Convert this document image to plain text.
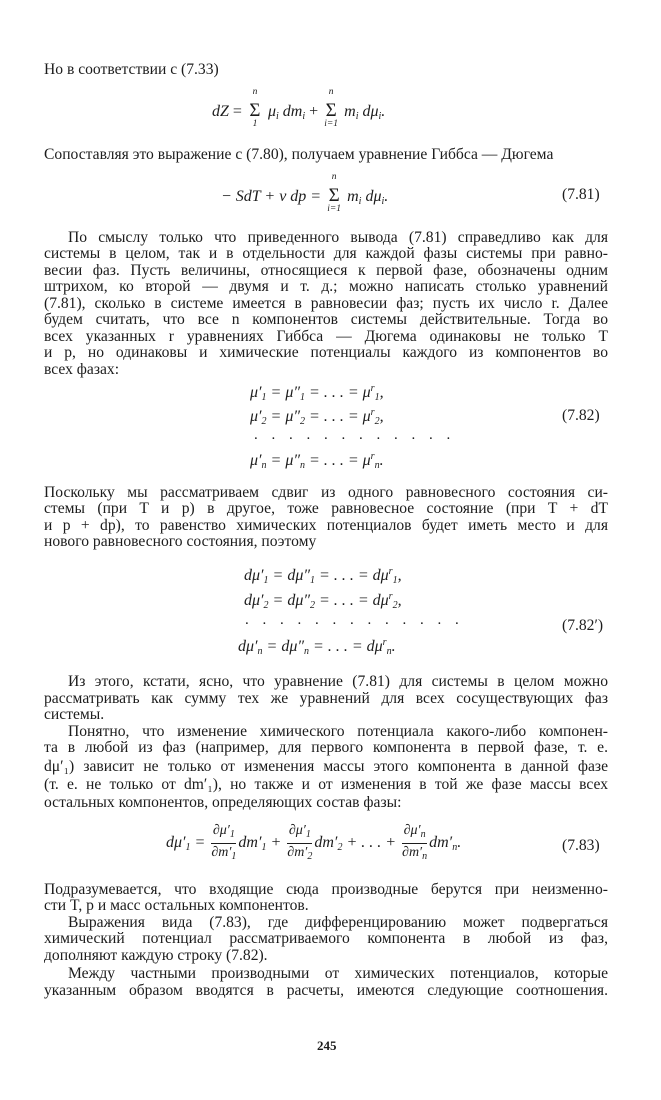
Но в соответствии с (7.33)
dZ =
n
Σ
1
$\mu_i$ $dm_i$ +
n
Σ
i=1
$m_i$ $d\mu_i$.
Сопоставляя это выражение с (7.80), получаем уравнение Гиббса — Дюгема
− SdT + v dp =
n
Σ
i=1
$m_i$ $d\mu_i$.	(7.81)
По смыслу только что приведенного вывода (7.81) справедливо как для
системы в целом, так и в отдельности для каждой фазы системы при равно-
весии фаз. Пусть величины, относящиеся к первой фазе, обозначены одним
штрихом, ко второй — двумя и т. д.; можно написать столько уравнений
(7.81), сколько в системе имеется в равновесии фаз; пусть их число r. Далее
будем считать, что все n компонентов системы действительные. Тогда во
всех указанных r уравнениях Гиббса — Дюгема одинаковы не только T
и p, но одинаковы и химические потенциалы каждого из компонентов во
всех фазах:
$\mu'_1 = \mu''_1$ = . . . = $\mu^r_1$,
$\mu'_2 = \mu''_2$ = . . . = $\mu^r_2$,
. . . . . . . . . . . .
$\mu'_n = \mu''_n$ = . . . = $\mu^r_n$.
(7.82)
Поскольку мы рассматриваем сдвиг из одного равновесного состояния си-
стемы (при T и p) в другое, тоже равновесное состояние (при T + dT
и p + dp), то равенство химических потенциалов будет иметь место и для
нового равновесного состояния, поэтому
$d\mu'_1 = d\mu''_1$ = . . . = $d\mu^r_1$,
$d\mu'_2 = d\mu''_2$ = . . . = $d\mu^r_2$,
. . . . . . . . . . . . .
$d\mu'_n = d\mu''_n$ = . . . = $d\mu^r_n$.
(7.82′)
Из этого, кстати, ясно, что уравнение (7.81) для системы в целом можно
рассматривать как сумму тех же уравнений для всех сосуществующих фаз
системы.
Понятно, что изменение химического потенциала какого-либо компонен-
та в любой из фаз (например, для первого компонента в первой фазе, т. е.
dμ′₁) зависит не только от изменения массы этого компонента в данной фазе
(т. е. не только от dm′₁), но также и от изменения в той же фазе массы всех
остальных компонентов, определяющих состав фазы:
$d\mu'_1 = \frac{\partial\mu'_1}{\partial m'_1} dm'_1 + \frac{\partial\mu'_1}{\partial m'_2} dm'_2$ + . . . + $\frac{\partial\mu'_n}{\partial m'_n} dm'_n$.	(7.83)
Подразумевается, что входящие сюда производные берутся при неизменно-
сти T, p и масс остальных компонентов.
Выражения вида (7.83), где дифференцированию может подвергаться
химический потенциал рассматриваемого компонента в любой из фаз,
дополняют каждую строку (7.82).
Между частными производными от химических потенциалов, которые
указанным образом вводятся в расчеты, имеются следующие соотношения.
245
